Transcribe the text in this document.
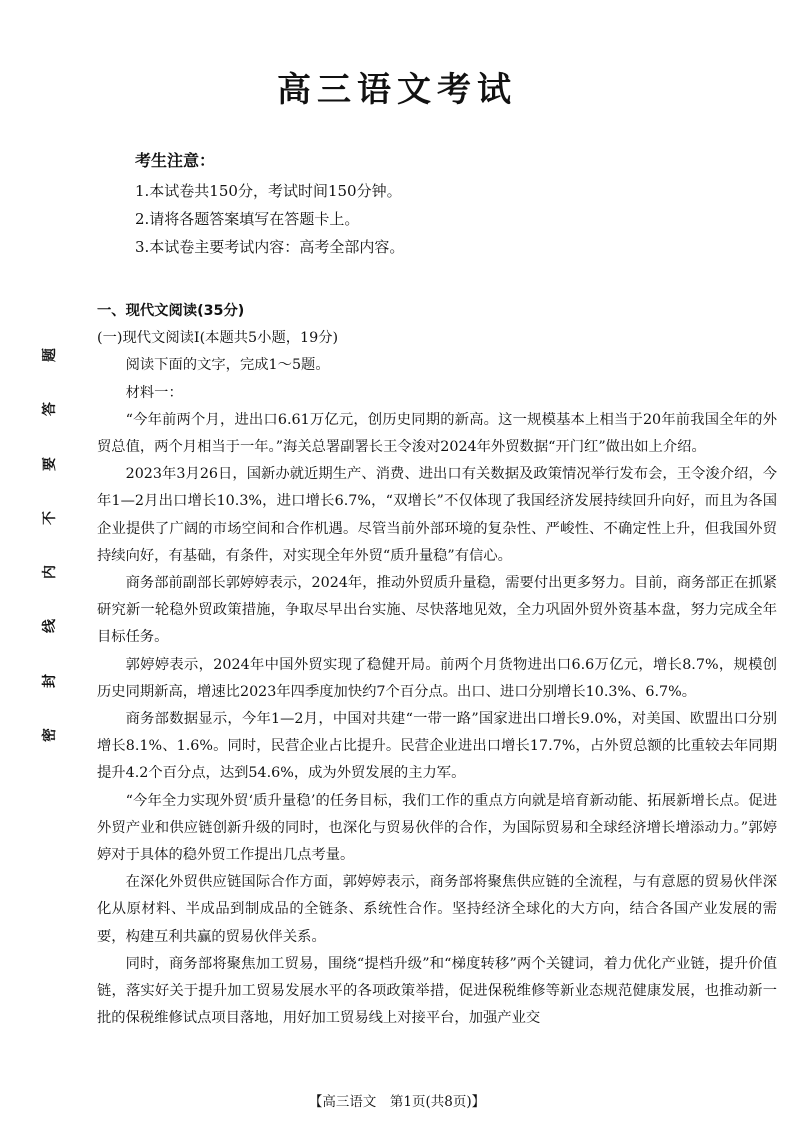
高三语文考试
考生注意：
1.本试卷共150分，考试时间150分钟。
2.请将各题答案填写在答题卡上。
3.本试卷主要考试内容：高考全部内容。
题
答
要
不
内
线
封
密

一、现代文阅读(35分)

(一)现代文阅读Ⅰ(本题共5小题，19分)

阅读下面的文字，完成1～5题。

材料一：

“今年前两个月，进出口6.61万亿元，创历史同期的新高。这一规模基本上相当于20年前我国全年的外贸总值，两个月相当于一年。”海关总署副署长王令浚对2024年外贸数据“开门红”做出如上介绍。

2023年3月26日，国新办就近期生产、消费、进出口有关数据及政策情况举行发布会，王令浚介绍，今年1—2月出口增长10.3%，进口增长6.7%，“双增长”不仅体现了我国经济发展持续回升向好，而且为各国企业提供了广阔的市场空间和合作机遇。尽管当前外部环境的复杂性、严峻性、不确定性上升，但我国外贸持续向好，有基础，有条件，对实现全年外贸“质升量稳”有信心。

商务部前副部长郭婷婷表示，2024年，推动外贸质升量稳，需要付出更多努力。目前，商务部正在抓紧研究新一轮稳外贸政策措施，争取尽早出台实施、尽快落地见效，全力巩固外贸外资基本盘，努力完成全年目标任务。

郭婷婷表示，2024年中国外贸实现了稳健开局。前两个月货物进出口6.6万亿元，增长8.7%，规模创历史同期新高，增速比2023年四季度加快约7个百分点。出口、进口分别增长10.3%、6.7%。

商务部数据显示，今年1—2月，中国对共建“一带一路”国家进出口增长9.0%，对美国、欧盟出口分别增长8.1%、1.6%。同时，民营企业占比提升。民营企业进出口增长17.7%，占外贸总额的比重较去年同期提升4.2个百分点，达到54.6%，成为外贸发展的主力军。

“今年全力实现外贸‘质升量稳’的任务目标，我们工作的重点方向就是培育新动能、拓展新增长点。促进外贸产业和供应链创新升级的同时，也深化与贸易伙伴的合作，为国际贸易和全球经济增长增添动力。”郭婷婷对于具体的稳外贸工作提出几点考量。

在深化外贸供应链国际合作方面，郭婷婷表示，商务部将聚焦供应链的全流程，与有意愿的贸易伙伴深化从原材料、半成品到制成品的全链条、系统性合作。坚持经济全球化的大方向，结合各国产业发展的需要，构建互利共赢的贸易伙伴关系。

同时，商务部将聚焦加工贸易，围绕“提档升级”和“梯度转移”两个关键词，着力优化产业链，提升价值链，落实好关于提升加工贸易发展水平的各项政策举措，促进保税维修等新业态规范健康发展，也推动新一批的保税维修试点项目落地，用好加工贸易线上对接平台，加强产业交

【高三语文　第1页(共8页)】
